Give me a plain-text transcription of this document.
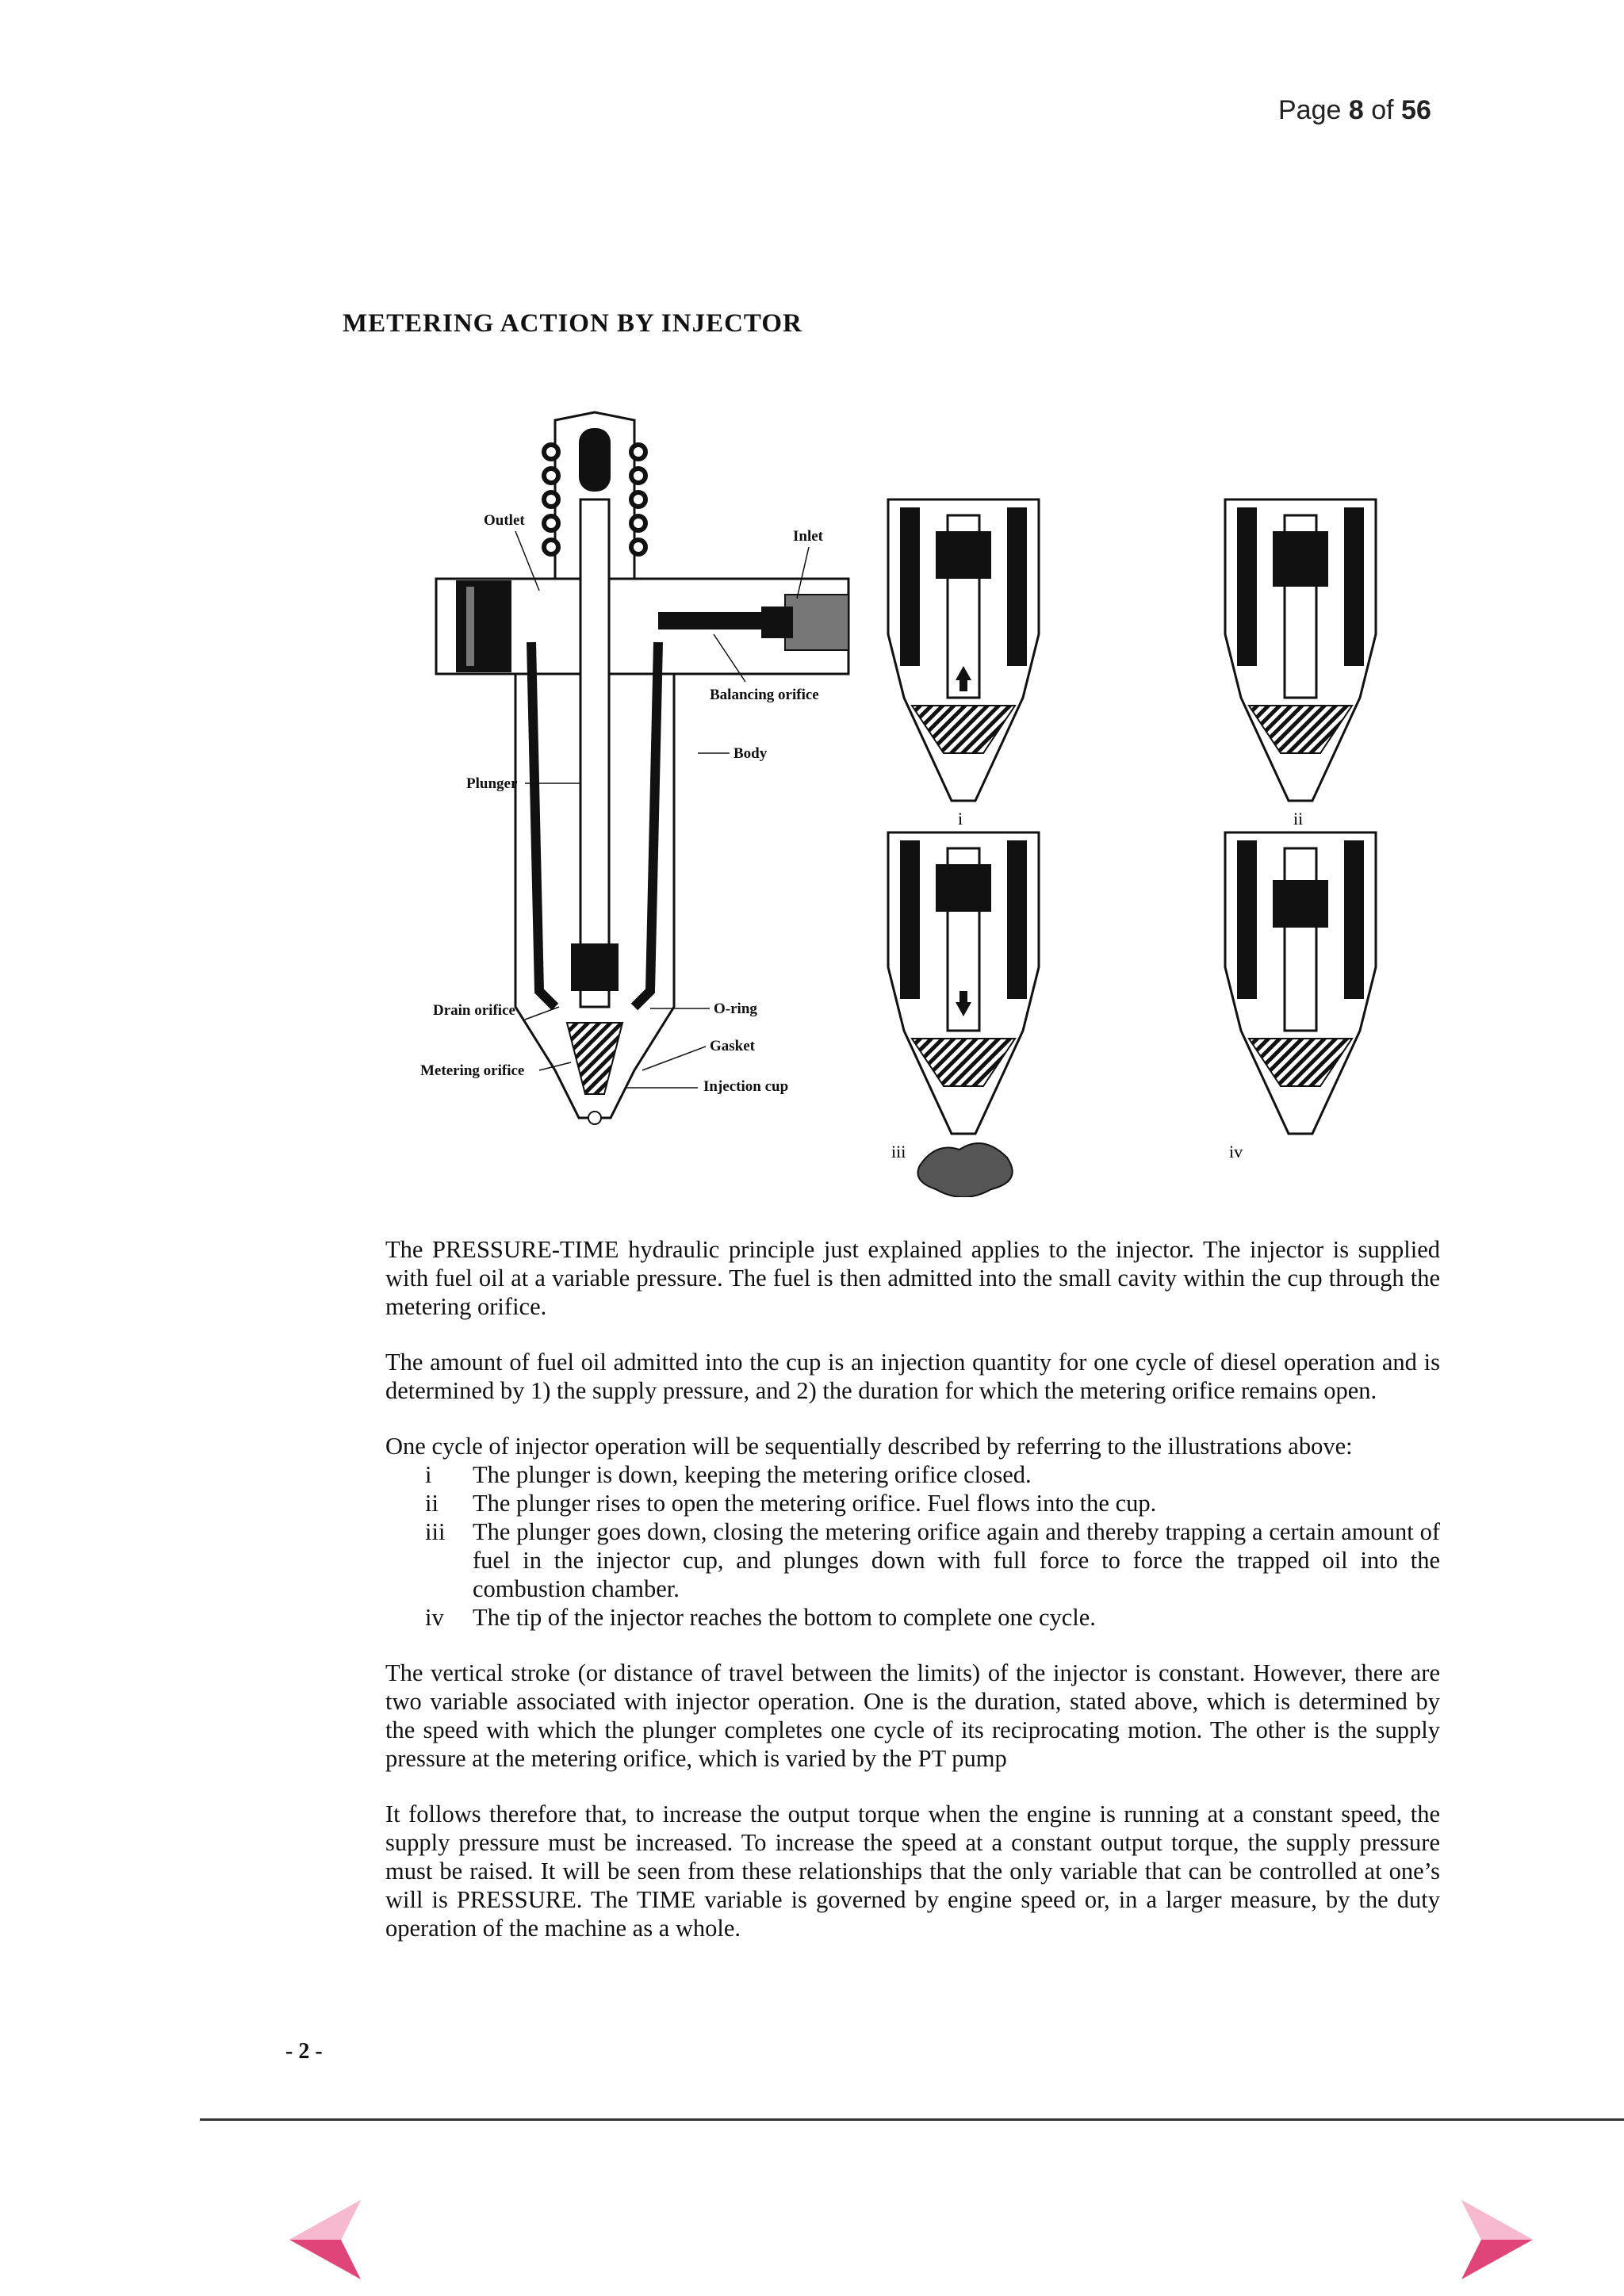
Page 8 of 56
METERING ACTION BY INJECTOR
Outlet
Inlet
Balancing orifice
Body
Plunger
Drain orifice	O-ring
Gasket
Metering orifice
Injection cup
i	ii
iii	iv

The PRESSURE-TIME hydraulic principle just explained applies to the injector. The injector is supplied with fuel oil at a variable pressure. The fuel is then admitted into the small cavity within the cup through the metering orifice.

The amount of fuel oil admitted into the cup is an injection quantity for one cycle of diesel operation and is determined by 1) the supply pressure, and 2) the duration for which the metering orifice remains open.

One cycle of injector operation will be sequentially described by referring to the illustrations above:

i	The plunger is down, keeping the metering orifice closed.
ii	The plunger rises to open the metering orifice. Fuel flows into the cup.
iii	The plunger goes down, closing the metering orifice again and thereby trapping a certain amount of fuel in the injector cup, and plunges down with full force to force the trapped oil into the combustion chamber.
iv	The tip of the injector reaches the bottom to complete one cycle.

The vertical stroke (or distance of travel between the limits) of the injector is constant. However, there are two variable associated with injector operation. One is the duration, stated above, which is determined by the speed with which the plunger completes one cycle of its reciprocating motion. The other is the supply pressure at the metering orifice, which is varied by the PT pump

It follows therefore that, to increase the output torque when the engine is running at a constant speed, the supply pressure must be increased. To increase the speed at a constant output torque, the supply pressure must be raised. It will be seen from these relationships that the only variable that can be controlled at one’s will is PRESSURE. The TIME variable is governed by engine speed or, in a larger measure, by the duty operation of the machine as a whole.

- 2 -
